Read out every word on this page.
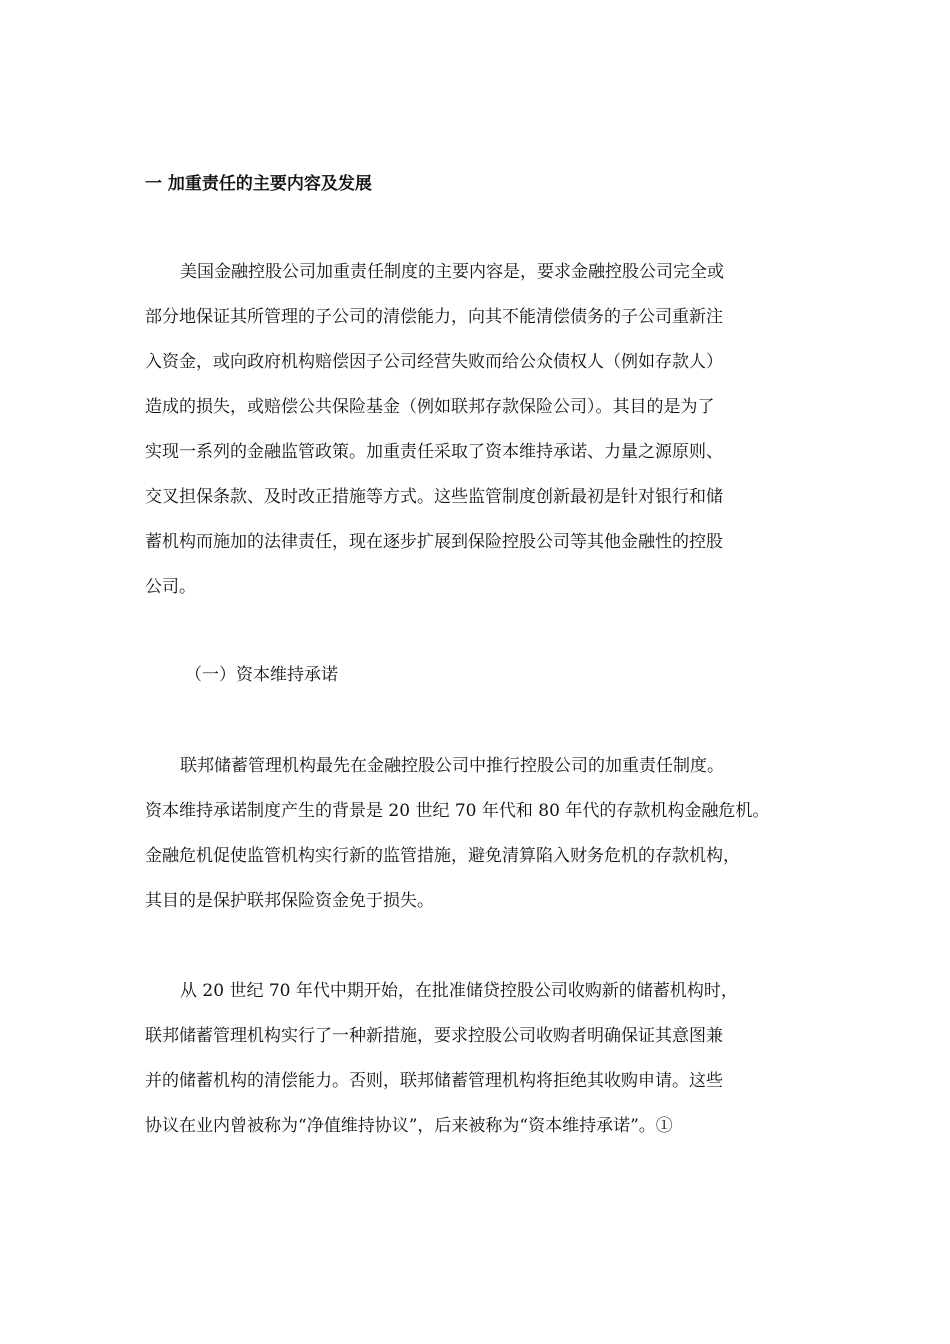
一 加重责任的主要内容及发展
美国金融控股公司加重责任制度的主要内容是，要求金融控股公司完全或
部分地保证其所管理的子公司的清偿能力，向其不能清偿债务的子公司重新注
入资金，或向政府机构赔偿因子公司经营失败而给公众债权人（例如存款人）
造成的损失，或赔偿公共保险基金（例如联邦存款保险公司）。其目的是为了
实现一系列的金融监管政策。加重责任采取了资本维持承诺、力量之源原则、
交叉担保条款、及时改正措施等方式。这些监管制度创新最初是针对银行和储
蓄机构而施加的法律责任，现在逐步扩展到保险控股公司等其他金融性的控股
公司。
（一）资本维持承诺
联邦储蓄管理机构最先在金融控股公司中推行控股公司的加重责任制度。
资本维持承诺制度产生的背景是 20 世纪 70 年代和 80 年代的存款机构金融危机。
金融危机促使监管机构实行新的监管措施，避免清算陷入财务危机的存款机构，
其目的是保护联邦保险资金免于损失。
从 20 世纪 70 年代中期开始，在批准储贷控股公司收购新的储蓄机构时，
联邦储蓄管理机构实行了一种新措施，要求控股公司收购者明确保证其意图兼
并的储蓄机构的清偿能力。否则，联邦储蓄管理机构将拒绝其收购申请。这些
协议在业内曾被称为“净值维持协议”，后来被称为“资本维持承诺”。①
